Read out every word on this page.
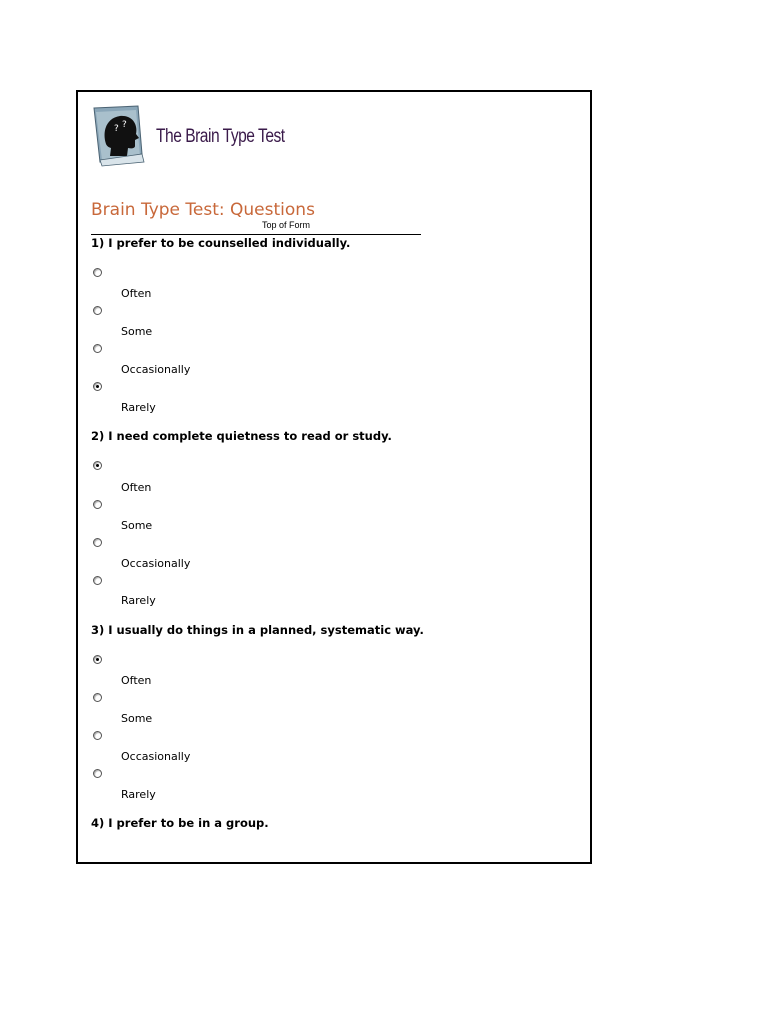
? ?
The Brain Type Test
Brain Type Test: Questions
Top of Form
1) I prefer to be counselled individually.
Often
Some
Occasionally
Rarely
2) I need complete quietness to read or study.
Often
Some
Occasionally
Rarely
3) I usually do things in a planned, systematic way.
Often
Some
Occasionally
Rarely
4) I prefer to be in a group.
